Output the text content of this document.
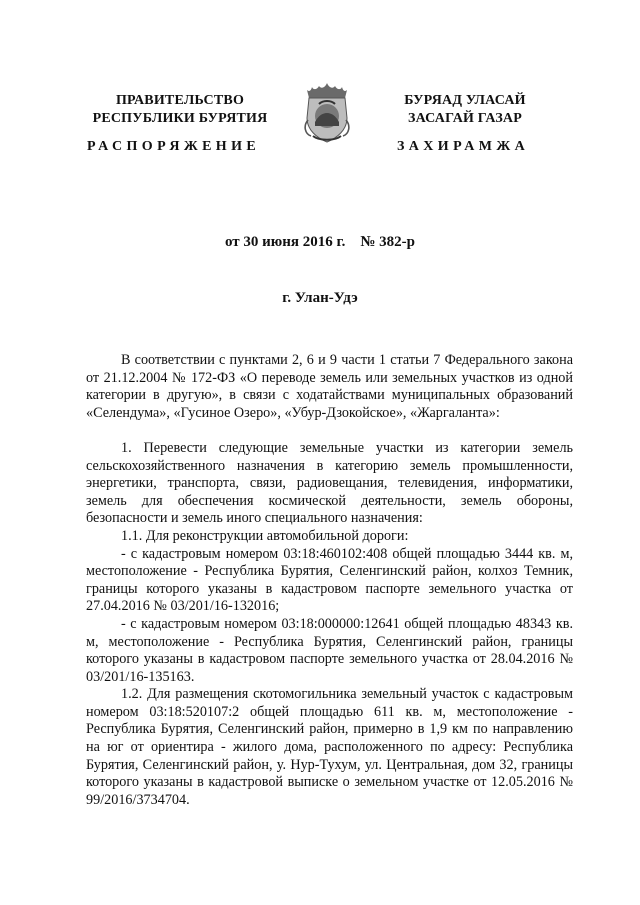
ПРАВИТЕЛЬСТВО
РЕСПУБЛИКИ БУРЯТИЯ
БУРЯАД УЛАСАЙ
ЗАСАГАЙ ГАЗАР
РАСПОРЯЖЕНИЕ	ЗАХИРАМЖА
от 30 июня 2016 г.    № 382-р
г. Улан-Удэ

В соответствии с пунктами 2, 6 и 9 части 1 статьи 7 Федерального закона от 21.12.2004 № 172-ФЗ «О переводе земель или земельных участков из одной категории в другую», в связи с ходатайствами муниципальных образований «Селендума», «Гусиное Озеро», «Убур-Дзокойское», «Жаргаланта»:

1. Перевести следующие земельные участки из категории земель сельскохозяйственного назначения в категорию земель промышленности, энергетики, транспорта, связи, радиовещания, телевидения, информатики, земель для обеспечения космической деятельности, земель обороны, безопасности и земель иного специального назначения:

1.1. Для реконструкции автомобильной дороги:

- с кадастровым номером 03:18:460102:408 общей площадью 3444 кв. м, местоположение - Республика Бурятия, Селенгинский район, колхоз Темник, границы которого указаны в кадастровом паспорте земельного участка от 27.04.2016 № 03/201/16-132016;

- с кадастровым номером 03:18:000000:12641 общей площадью 48343 кв. м, местоположение - Республика Бурятия, Селенгинский район, границы которого указаны в кадастровом паспорте земельного участка от 28.04.2016 № 03/201/16-135163.

1.2. Для размещения скотомогильника земельный участок с кадастровым номером 03:18:520107:2 общей площадью 611 кв. м, местоположение - Республика Бурятия, Селенгинский район, примерно в 1,9 км по направлению на юг от ориентира - жилого дома, расположенного по адресу: Республика Бурятия, Селенгинский район, у. Нур-Тухум, ул. Центральная, дом 32, границы которого указаны в кадастровой выписке о земельном участке от 12.05.2016 № 99/2016/3734704.
